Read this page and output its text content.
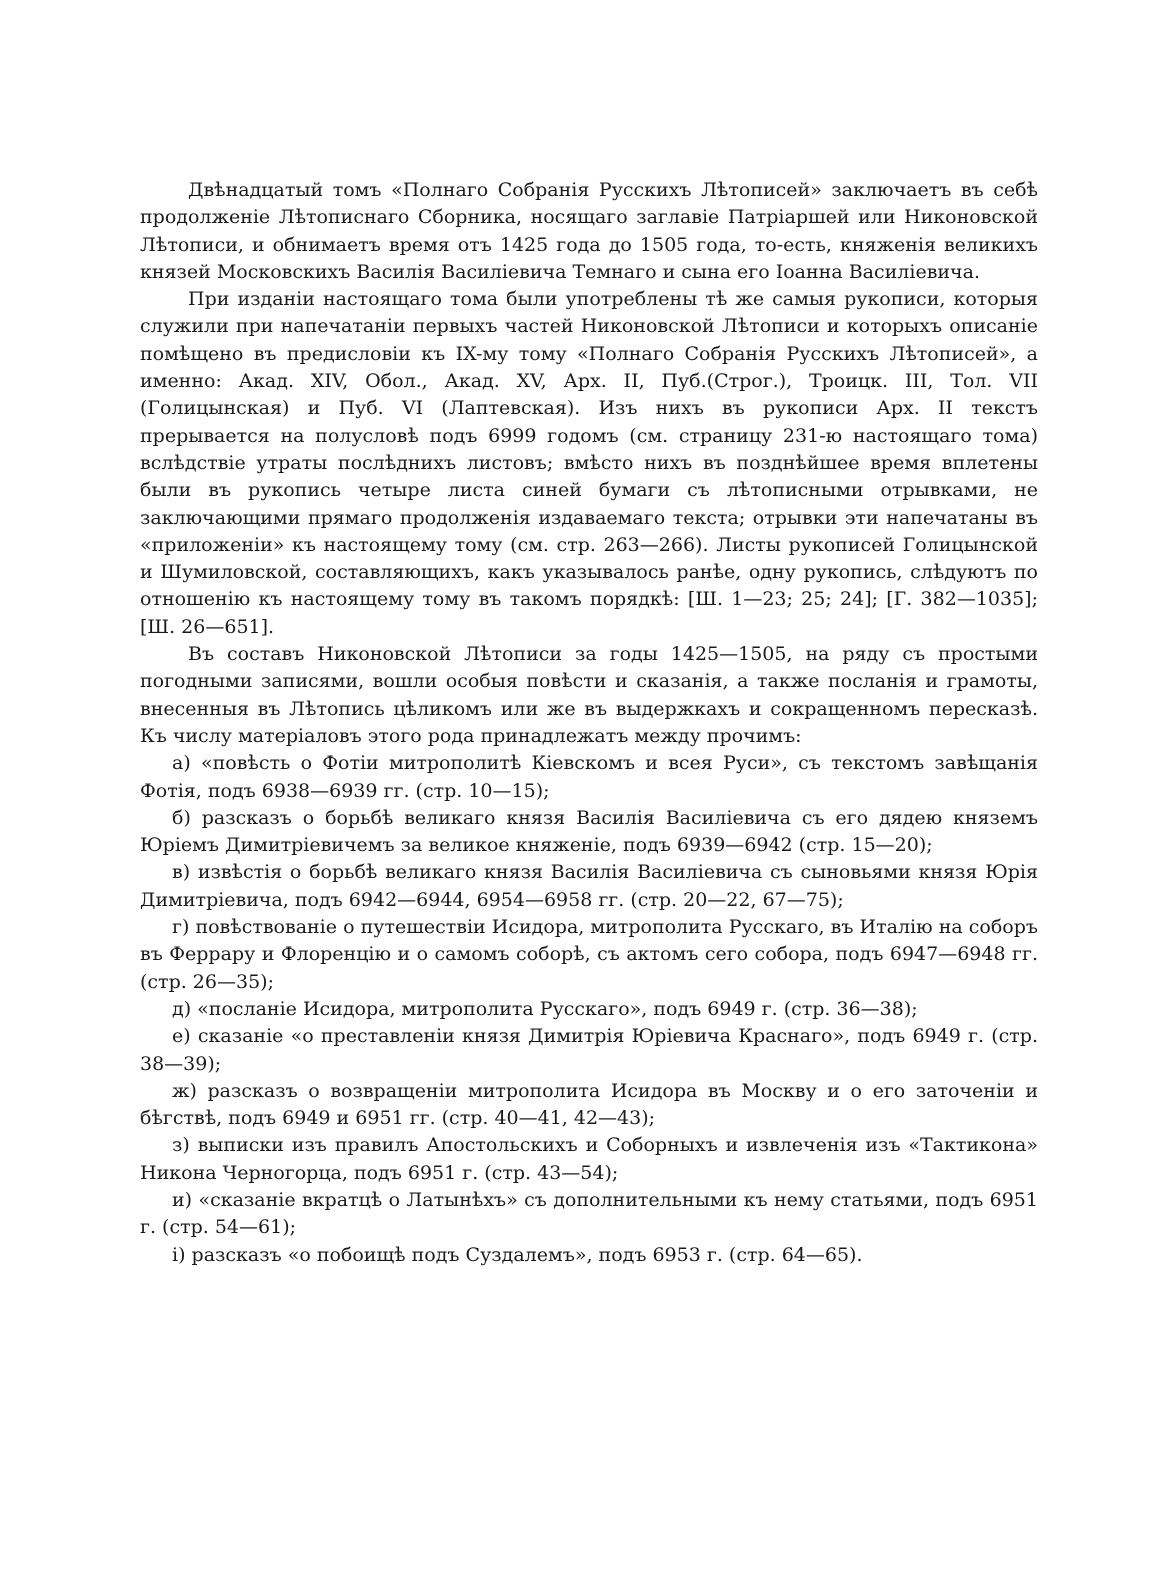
Двѣнадцатый томъ «Полнаго Собранія Русскихъ Лѣтописей» заключаетъ въ себѣ продолженіе Лѣтописнаго Сборника, носящаго заглавіе Патріаршей или Никоновской Лѣтописи, и обнимаетъ время отъ 1425 года до 1505 года, то-есть, княженія великихъ князей Московскихъ Василія Василіевича Темнаго и сына его Іоанна Василіевича.

При изданіи настоящаго тома были употреблены тѣ же самыя рукописи, которыя служили при напечатаніи первыхъ частей Никоновской Лѣтописи и которыхъ описаніе помѣщено въ предисловіи къ IX-му тому «Полнаго Собранія Русскихъ Лѣтописей», а именно: Акад. XIV, Обол., Акад. XV, Арх. II, Пуб.(Строг.), Троицк. III, Тол. VII (Голицынская) и Пуб. VI (Лаптевская). Изъ нихъ въ рукописи Арх. II текстъ прерывается на полусловѣ подъ 6999 годомъ (см. страницу 231-ю настоящаго тома) вслѣдствіе утраты послѣднихъ листовъ; вмѣсто нихъ въ позднѣйшее время вплетены были въ рукопись четыре листа синей бумаги съ лѣтописными отрывками, не заключающими прямаго продолженія издаваемаго текста; отрывки эти напечатаны въ «приложеніи» къ настоящему тому (см. стр. 263—266). Листы рукописей Голицынской и Шумиловской, составляющихъ, какъ указывалось ранѣе, одну рукопись, слѣдуютъ по отношенію къ настоящему тому въ такомъ порядкѣ: [Ш. 1—23; 25; 24]; [Г. 382—1035]; [Ш. 26—651].

Въ составъ Никоновской Лѣтописи за годы 1425—1505, на ряду съ простыми погодными записями, вошли особыя повѣсти и сказанія, а также посланія и грамоты, внесенныя въ Лѣтопись цѣликомъ или же въ выдержкахъ и сокращенномъ пересказѣ. Къ числу матеріаловъ этого рода принадлежатъ между прочимъ:

а) «повѣсть о Фотіи митрополитѣ Кіевскомъ и всея Руси», съ текстомъ завѣщанія Фотія, подъ 6938—6939 гг. (стр. 10—15);

б) разсказъ о борьбѣ великаго князя Василія Василіевича съ его дядею княземъ Юріемъ Димитріевичемъ за великое княженіе, подъ 6939—6942 (стр. 15—20);

в) извѣстія о борьбѣ великаго князя Василія Василіевича съ сыновьями князя Юрія Димитріевича, подъ 6942—6944, 6954—6958 гг. (стр. 20—22, 67—75);

г) повѣствованіе о путешествіи Исидора, митрополита Русскаго, въ Италію на соборъ въ Феррару и Флоренцію и о самомъ соборѣ, съ актомъ сего собора, подъ 6947—6948 гг. (стр. 26—35);

д) «посланіе Исидора, митрополита Русскаго», подъ 6949 г. (стр. 36—38);

е) сказаніе «о преставленіи князя Димитрія Юріевича Краснаго», подъ 6949 г. (стр. 38—39);

ж) разсказъ о возвращеніи митрополита Исидора въ Москву и о его заточеніи и бѣгствѣ, подъ 6949 и 6951 гг. (стр. 40—41, 42—43);

з) выписки изъ правилъ Апостольскихъ и Соборныхъ и извлеченія изъ «Тактикона» Никона Черногорца, подъ 6951 г. (стр. 43—54);

и) «сказаніе вкратцѣ о Латынѣхъ» съ дополнительными къ нему статьями, подъ 6951 г. (стр. 54—61);

і) разсказъ «о побоищѣ подъ Суздалемъ», подъ 6953 г. (стр. 64—65).
